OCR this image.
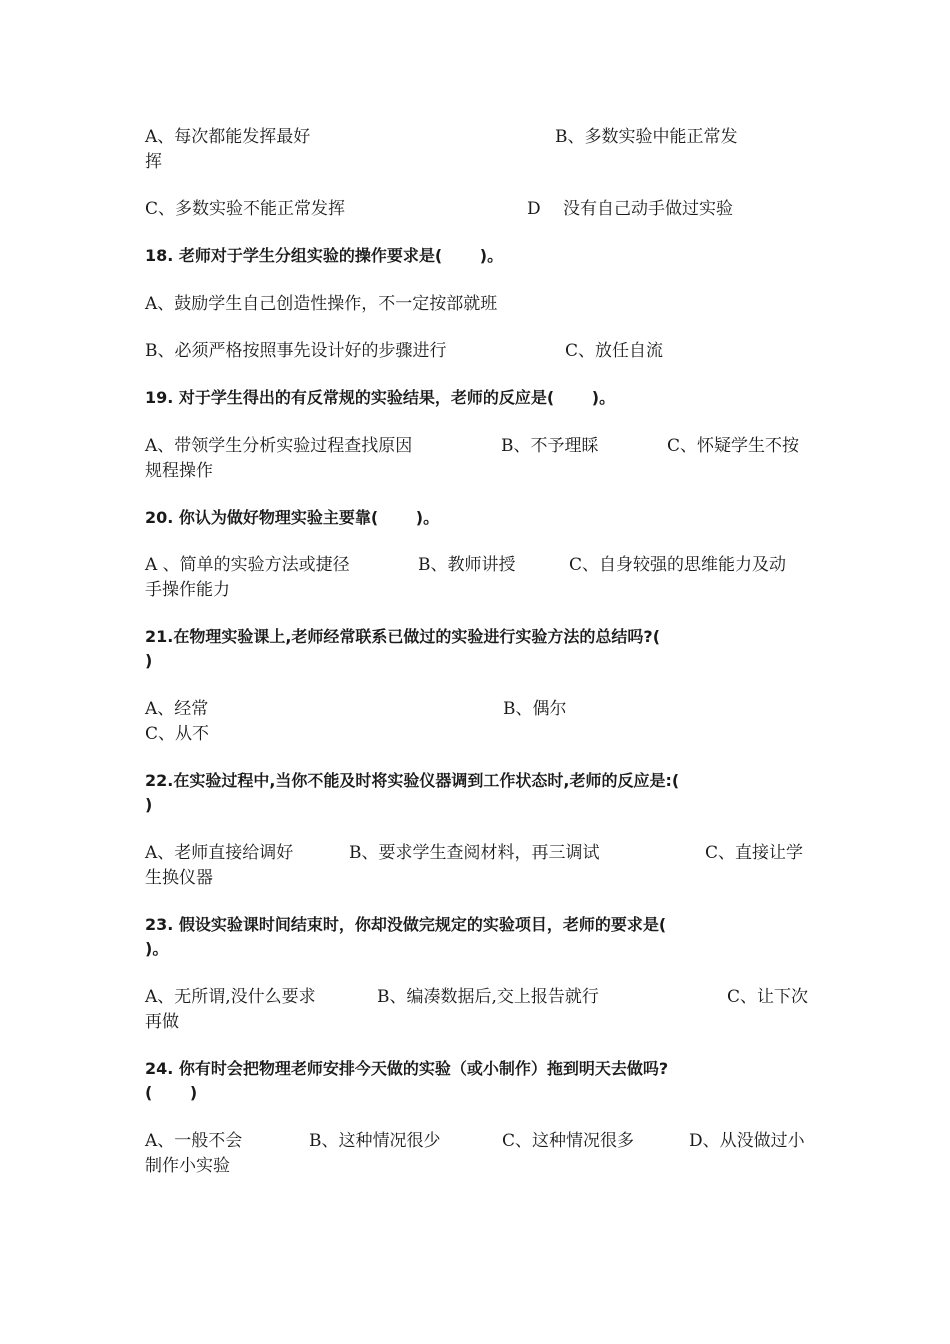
A、每次都能发挥最好	B、多数实验中能正常发
挥
C、多数实验不能正常发挥	D　 没有自己动手做过实验
18. 老师对于学生分组实验的操作要求是(　　 )。
A、鼓励学生自己创造性操作，不一定按部就班
B、必须严格按照事先设计好的步骤进行	C、放任自流
19. 对于学生得出的有反常规的实验结果，老师的反应是(　　 )。
A、带领学生分析实验过程查找原因	B、不予理睬	C、怀疑学生不按
规程操作
20. 你认为做好物理实验主要靠(　　 )。
A 、简单的实验方法或捷径	B、教师讲授	C、自身较强的思维能力及动
手操作能力
21.在物理实验课上,老师经常联系已做过的实验进行实验方法的总结吗?(
)
A、经常	B、偶尔
C、从不
22.在实验过程中,当你不能及时将实验仪器调到工作状态时,老师的反应是:(
)
A、老师直接给调好	B、要求学生查阅材料，再三调试	C、直接让学
生换仪器
23. 假设实验课时间结束时，你却没做完规定的实验项目，老师的要求是(
)。
A、无所谓,没什么要求	B、编凑数据后,交上报告就行	C、让下次
再做
24. 你有时会把物理老师安排今天做的实验（或小制作）拖到明天去做吗?
(　　 )
A、一般不会	B、这种情况很少	C、这种情况很多	D、从没做过小
制作小实验
